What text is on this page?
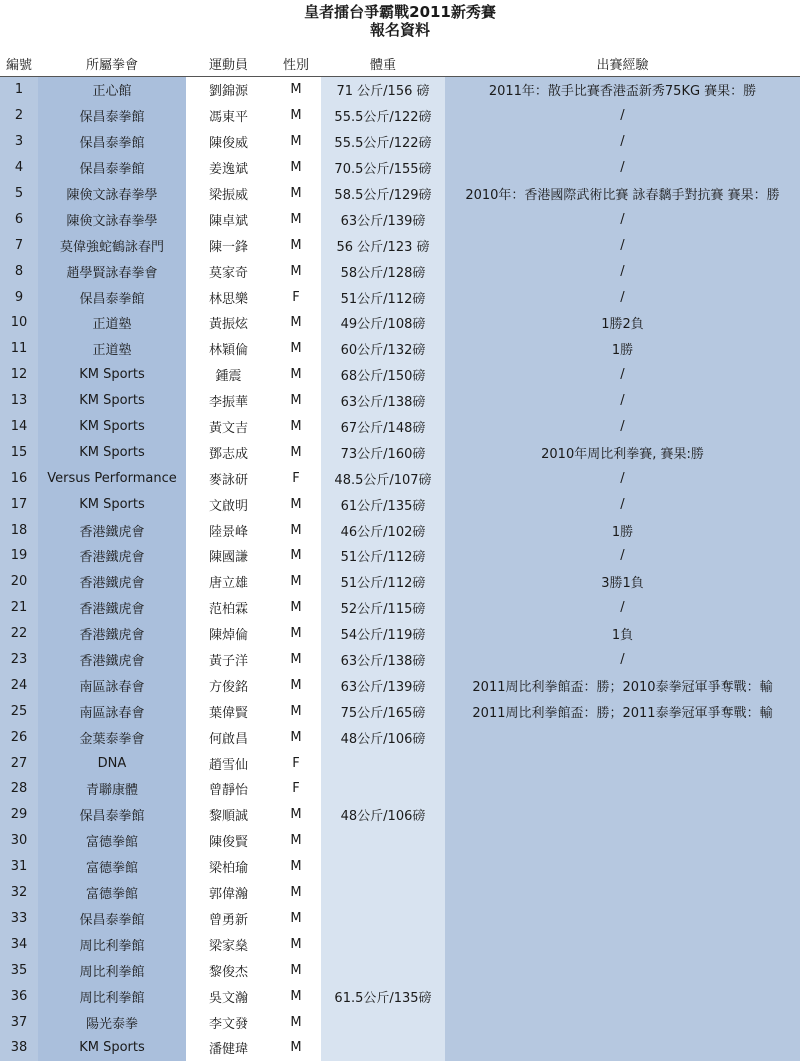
皇者擂台爭霸戰2011新秀賽
報名資料
編號	所屬拳會	運動員	性別	體重	出賽經驗
1	正心館	劉錦源	M	71 公斤/156 磅	2011年：散手比賽香港盃新秀75KG 賽果：勝
2	保昌泰拳館	馮東平	M	55.5公斤/122磅	/
3	保昌泰拳館	陳俊威	M	55.5公斤/122磅	/
4	保昌泰拳館	姜逸斌	M	70.5公斤/155磅	/
5	陳倹文詠春拳學	梁振威	M	58.5公斤/129磅	2010年：香港國際武術比賽 詠春黐手對抗賽 賽果：勝
6	陳倹文詠春拳學	陳卓斌	M	63公斤/139磅	/
7	莫偉強蛇鶴詠春門	陳一鋒	M	56 公斤/123 磅	/
8	趙學賢詠春拳會	莫家奇	M	58公斤/128磅	/
9	保昌泰拳館	林思樂	F	51公斤/112磅	/
10	正道塾	黃振炫	M	49公斤/108磅	1勝2負
11	正道塾	林穎倫	M	60公斤/132磅	1勝
12	KM Sports	鍾震	M	68公斤/150磅	/
13	KM Sports	李振華	M	63公斤/138磅	/
14	KM Sports	黃文吉	M	67公斤/148磅	/
15	KM Sports	鄧志成	M	73公斤/160磅	2010年周比利拳賽, 賽果:勝
16	Versus Performance	麥詠研	F	48.5公斤/107磅	/
17	KM Sports	文啟明	M	61公斤/135磅	/
18	香港鐵虎會	陸景峰	M	46公斤/102磅	1勝
19	香港鐵虎會	陳國謙	M	51公斤/112磅	/
20	香港鐵虎會	唐立雄	M	51公斤/112磅	3勝1負
21	香港鐵虎會	范柏霖	M	52公斤/115磅	/
22	香港鐵虎會	陳焯倫	M	54公斤/119磅	1負
23	香港鐵虎會	黃子洋	M	63公斤/138磅	/
24	南區詠春會	方俊銘	M	63公斤/139磅	2011周比利拳館盃：勝；2010泰拳冠軍爭奪戰：輸
25	南區詠春會	葉偉賢	M	75公斤/165磅	2011周比利拳館盃：勝；2011泰拳冠軍爭奪戰：輸
26	金葉泰拳會	何啟昌	M	48公斤/106磅	
27	DNA	趙雪仙	F		
28	青聯康體	曾靜怡	F		
29	保昌泰拳館	黎順誠	M	48公斤/106磅	
30	富德拳館	陳俊賢	M		
31	富德拳館	梁柏瑜	M		
32	富德拳館	郭偉瀚	M		
33	保昌泰拳館	曾勇新	M		
34	周比利拳館	梁家燊	M		
35	周比利拳館	黎俊杰	M		
36	周比利拳館	吳文瀚	M	61.5公斤/135磅	
37	陽光泰拳	李文發	M		
38	KM Sports	潘健瑋	M		
